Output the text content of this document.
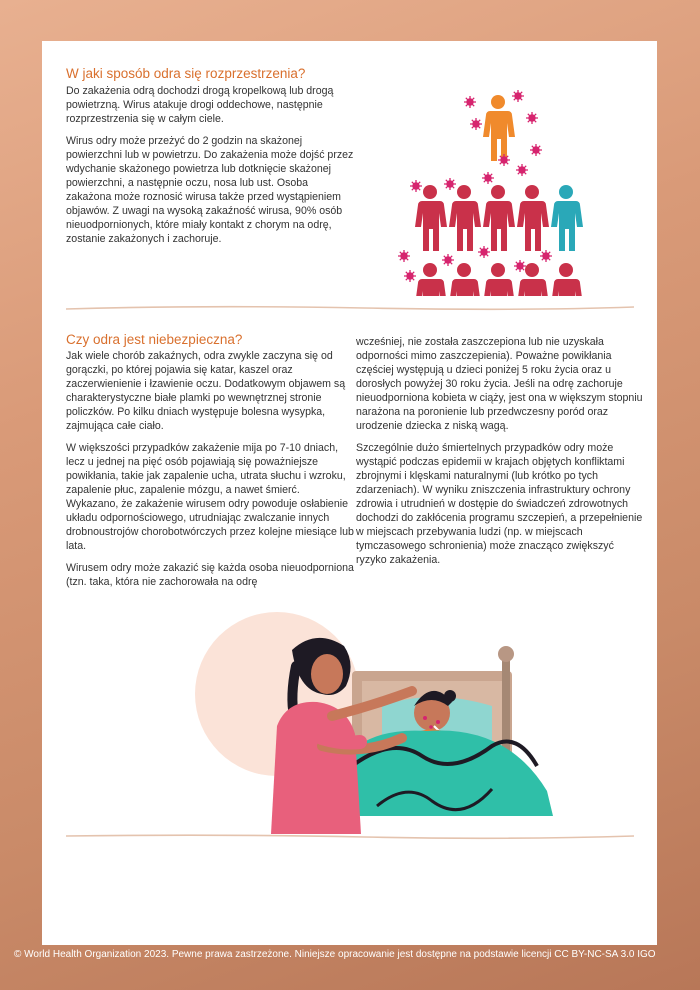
W jaki sposób odra się rozprzestrzenia?

Do zakażenia odrą dochodzi drogą kropelkową lub drogą powietrzną. Wirus atakuje drogi oddechowe, następnie rozprzestrzenia się w całym ciele.

Wirus odry może przeżyć do 2 godzin na skażonej powierzchni lub w powietrzu. Do zakażenia może dojść przez wdychanie skażonego powietrza lub dotknięcie skażonej powierzchni, a następnie oczu, nosa lub ust. Osoba zakażona może roznosić wirusa także przed wystąpieniem objawów. Z uwagi na wysoką zakaźność wirusa, 90% osób nieuodpornionych, które miały kontakt z chorym na odrę, zostanie zakażonych i zachoruje.

Czy odra jest niebezpieczna?

Jak wiele chorób zakaźnych, odra zwykle zaczyna się od gorączki, po której pojawia się katar, kaszel oraz zaczerwienienie i łzawienie oczu. Dodatkowym objawem są charakterystyczne białe plamki po wewnętrznej stronie policzków. Po kilku dniach występuje bolesna wysypka, zajmująca całe ciało.

W większości przypadków zakażenie mija po 7-10 dniach, lecz u jednej na pięć osób pojawiają się poważniejsze powikłania, takie jak zapalenie ucha, utrata słuchu i wzroku, zapalenie płuc, zapalenie mózgu, a nawet śmierć. Wykazano, że zakażenie wirusem odry powoduje osłabienie układu odpornościowego, utrudniając zwalczanie innych drobnoustrojów chorobotwórczych przez kolejne miesiące lub lata.

Wirusem odry może zakazić się każda osoba nieuodporniona (tzn. taka, która nie zachorowała na odrę

wcześniej, nie została zaszczepiona lub nie uzyskała odporności mimo zaszczepienia). Poważne powikłania częściej występują u dzieci poniżej 5 roku życia oraz u dorosłych powyżej 30 roku życia. Jeśli na odrę zachoruje nieuodporniona kobieta w ciąży, jest ona w większym stopniu narażona na poronienie lub przedwczesny poród oraz urodzenie dziecka z niską wagą.

Szczególnie dużo śmiertelnych przypadków odry może wystąpić podczas epidemii w krajach objętych konfliktami zbrojnymi i klęskami naturalnymi (lub krótko po tych zdarzeniach). W wyniku zniszczenia infrastruktury ochrony zdrowia i utrudnień w dostępie do świadczeń zdrowotnych dochodzi do zakłócenia programu szczepień, a przepełnienie w miejscach przebywania ludzi (np. w miejscach tymczasowego schronienia) może znacząco zwiększyć ryzyko zakażenia.

© World Health Organization 2023. Pewne prawa zastrzeżone. Niniejsze opracowanie jest dostępne na podstawie licencji CC BY-NC-SA 3.0 IGO
